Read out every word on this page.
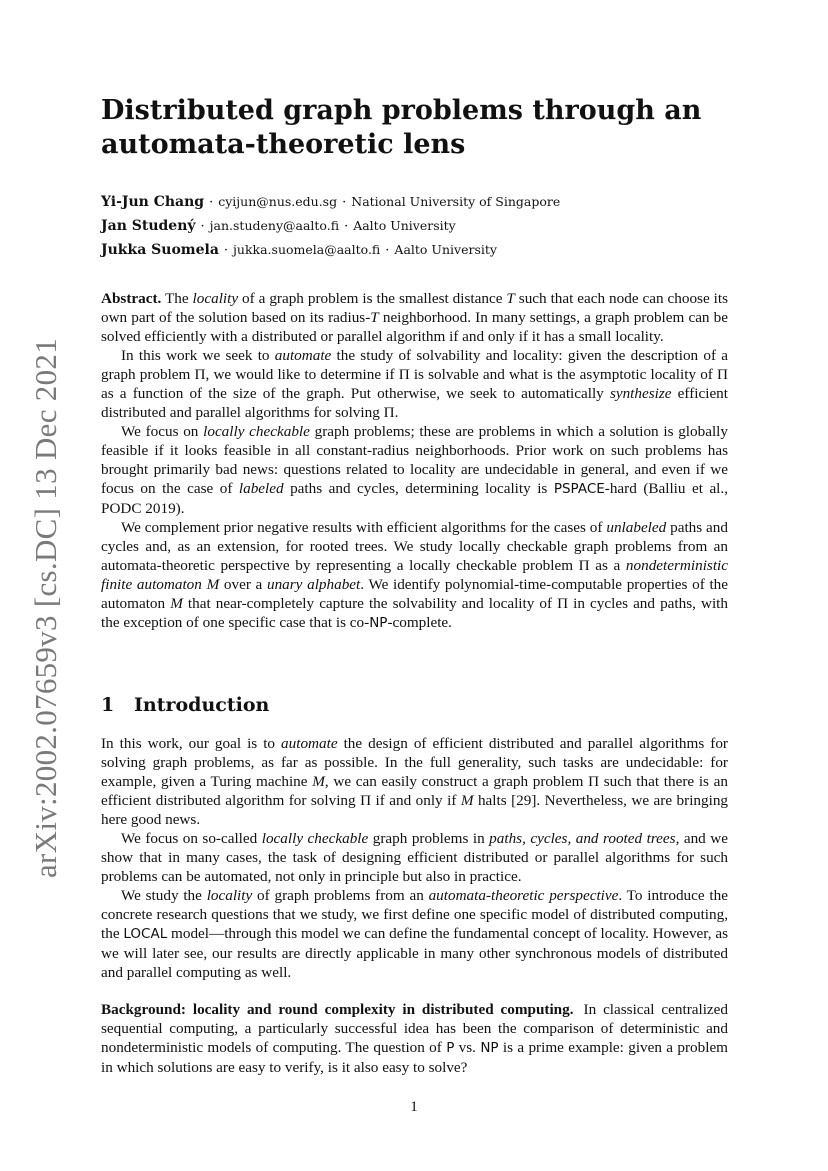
arXiv:2002.07659v3 [cs.DC] 13 Dec 2021
Distributed graph problems through an automata-theoretic lens
Yi-Jun Chang · cyijun@nus.edu.sg · National University of Singapore
Jan Studený · jan.studeny@aalto.fi · Aalto University
Jukka Suomela · jukka.suomela@aalto.fi · Aalto University

Abstract. The locality of a graph problem is the smallest distance T such that each node can choose its own part of the solution based on its radius-T neighborhood. In many settings, a graph problem can be solved efficiently with a distributed or parallel algorithm if and only if it has a small locality.

In this work we seek to automate the study of solvability and locality: given the description of a graph problem Π, we would like to determine if Π is solvable and what is the asymptotic locality of Π as a function of the size of the graph. Put otherwise, we seek to automatically synthesize efficient distributed and parallel algorithms for solving Π.

We focus on locally checkable graph problems; these are problems in which a solution is globally feasible if it looks feasible in all constant-radius neighborhoods. Prior work on such problems has brought primarily bad news: questions related to locality are undecidable in general, and even if we focus on the case of labeled paths and cycles, determining locality is PSPACE-hard (Balliu et al., PODC 2019).

We complement prior negative results with efficient algorithms for the cases of unlabeled paths and cycles and, as an extension, for rooted trees. We study locally checkable graph problems from an automata-theoretic perspective by representing a locally checkable problem Π as a nondeterministic finite automaton M over a unary alphabet. We identify polynomial-time-computable properties of the automaton M that near-completely capture the solvability and locality of Π in cycles and paths, with the exception of one specific case that is co-NP-complete.

1 Introduction

In this work, our goal is to automate the design of efficient distributed and parallel algorithms for solving graph problems, as far as possible. In the full generality, such tasks are undecidable: for example, given a Turing machine M, we can easily construct a graph problem Π such that there is an efficient distributed algorithm for solving Π if and only if M halts [29]. Nevertheless, we are bringing here good news.

We focus on so-called locally checkable graph problems in paths, cycles, and rooted trees, and we show that in many cases, the task of designing efficient distributed or parallel algorithms for such problems can be automated, not only in principle but also in practice.

We study the locality of graph problems from an automata-theoretic perspective. To introduce the concrete research questions that we study, we first define one specific model of distributed computing, the LOCAL model—through this model we can define the fundamental concept of locality. However, as we will later see, our results are directly applicable in many other synchronous models of distributed and parallel computing as well.

Background: locality and round complexity in distributed computing. In classical centralized sequential computing, a particularly successful idea has been the comparison of deterministic and nondeterministic models of computing. The question of P vs. NP is a prime example: given a problem in which solutions are easy to verify, is it also easy to solve?

1
